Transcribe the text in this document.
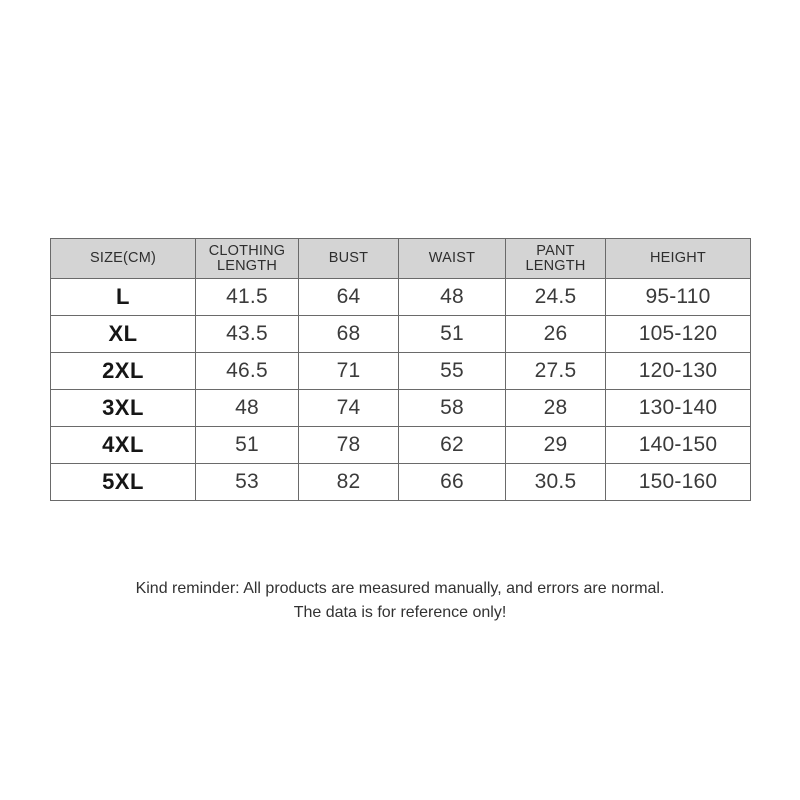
SIZE(CM)	CLOTHING LENGTH	BUST	WAIST	PANT LENGTH	HEIGHT
L	41.5	64	48	24.5	95-110
XL	43.5	68	51	26	105-120
2XL	46.5	71	55	27.5	120-130
3XL	48	74	58	28	130-140
4XL	51	78	62	29	140-150
5XL	53	82	66	30.5	150-160
Kind reminder: All products are measured manually, and errors are normal.
The data is for reference only!
